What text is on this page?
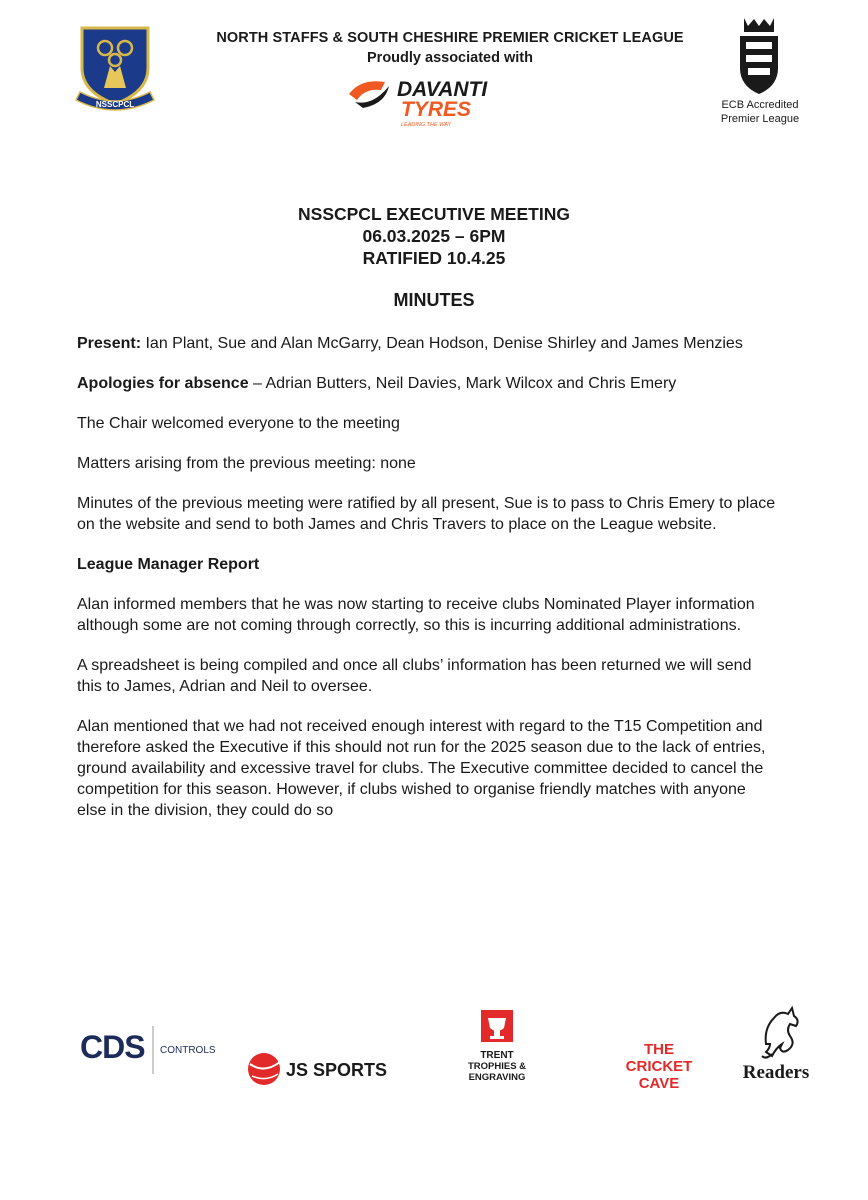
NSSCPCL
NORTH STAFFS & SOUTH CHESHIRE PREMIER CRICKET LEAGUE
Proudly associated with
DAVANTI
TYRES
LEADING THE WAY
ECB Accredited
Premier League
NSSCPCL EXECUTIVE MEETING
06.03.2025 – 6PM
RATIFIED 10.4.25
MINUTES

Present: Ian Plant, Sue and Alan McGarry, Dean Hodson, Denise Shirley and James Menzies

Apologies for absence – Adrian Butters, Neil Davies, Mark Wilcox and Chris Emery

The Chair welcomed everyone to the meeting

Matters arising from the previous meeting: none

Minutes of the previous meeting were ratified by all present, Sue is to pass to Chris Emery to place on the website and send to both James and Chris Travers to place on the League website.

League Manager Report

Alan informed members that he was now starting to receive clubs Nominated Player information although some are not coming through correctly, so this is incurring additional administrations.

A spreadsheet is being compiled and once all clubs’ information has been returned we will send this to James, Adrian and Neil to oversee.

Alan mentioned that we had not received enough interest with regard to the T15 Competition and therefore asked the Executive if this should not run for the 2025 season due to the lack of entries, ground availability and excessive travel for clubs. The Executive committee decided to cancel the competition for this season. However, if clubs wished to organise friendly matches with anyone else in the division, they could do so

CDS CONTROLS
JS SPORTS
TRENT
TROPHIES &
ENGRAVING
THE
CRICKET
CAVE
Readers
